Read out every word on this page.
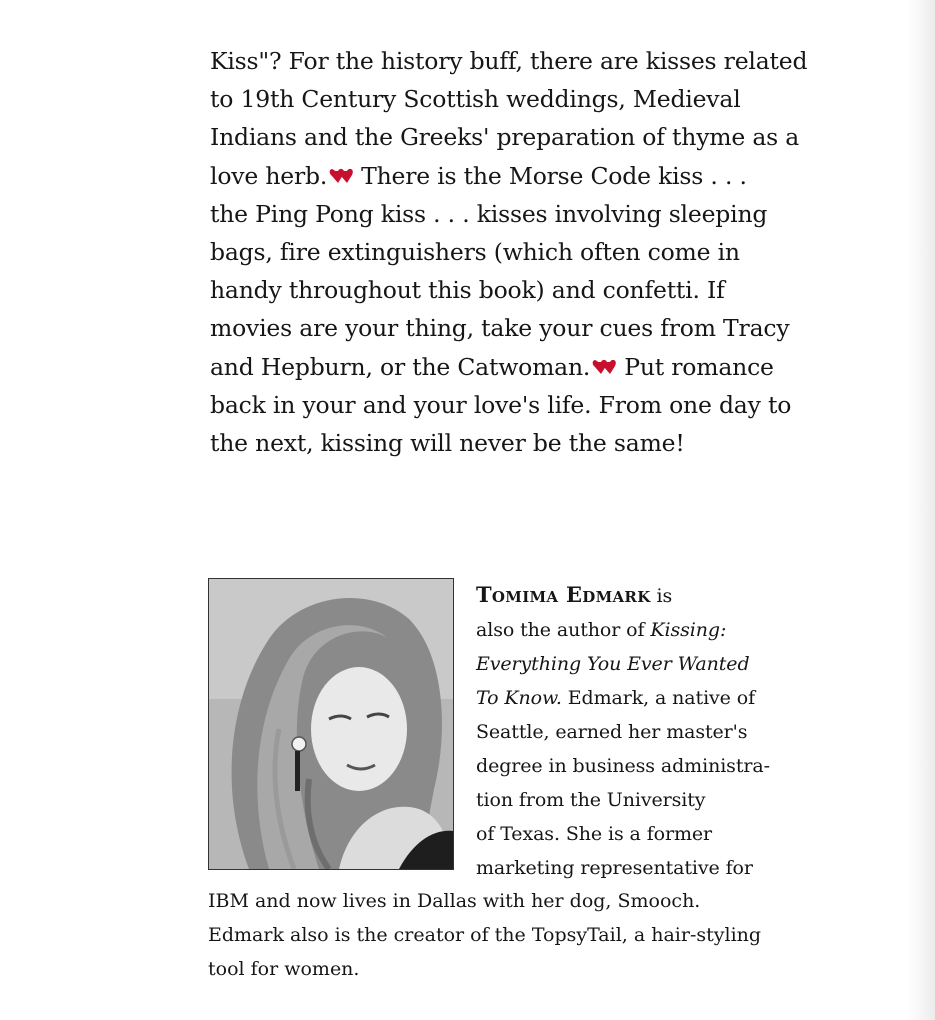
Kiss"? For the history buff, there are kisses related
to 19th Century Scottish weddings, Medieval
Indians and the Greeks' preparation of thyme as a
love herb. There is the Morse Code kiss . . .
the Ping Pong kiss . . . kisses involving sleeping
bags, fire extinguishers (which often come in
handy throughout this book) and confetti. If
movies are your thing, take your cues from Tracy
and Hepburn, or the Catwoman. Put romance
back in your and your love's life. From one day to
the next, kissing will never be the same!
Tomima Edmark is
also the author of Kissing:
Everything You Ever Wanted
To Know. Edmark, a native of
Seattle, earned her master's
degree in business administra-
tion from the University
of Texas. She is a former
marketing representative for
IBM and now lives in Dallas with her dog, Smooch.
Edmark also is the creator of the TopsyTail, a hair-styling
tool for women.
